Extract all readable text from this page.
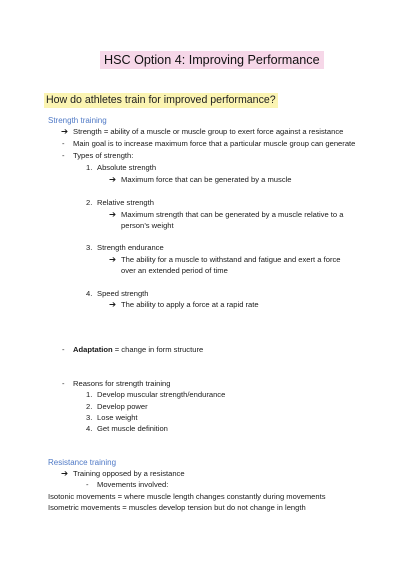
HSC Option 4: Improving Performance
How do athletes train for improved performance?
Strength training
➔ Strength = ability of a muscle or muscle group to exert force against a resistance
- Main goal is to increase maximum force that a particular muscle group can generate
- Types of strength:
1. Absolute strength
➔ Maximum force that can be generated by a muscle
2. Relative strength
➔ Maximum strength that can be generated by a muscle relative to a
person’s weight
3. Strength endurance
➔ The ability for a muscle to withstand and fatigue and exert a force
over an extended period of time
4. Speed strength
➔ The ability to apply a force at a rapid rate
- Adaptation = change in form structure
- Reasons for strength training
1. Develop muscular strength/endurance
2. Develop power
3. Lose weight
4. Get muscle definition
Resistance training
➔ Training opposed by a resistance
- Movements involved:
Isotonic movements = where muscle length changes constantly during movements
Isometric movements = muscles develop tension but do not change in length
